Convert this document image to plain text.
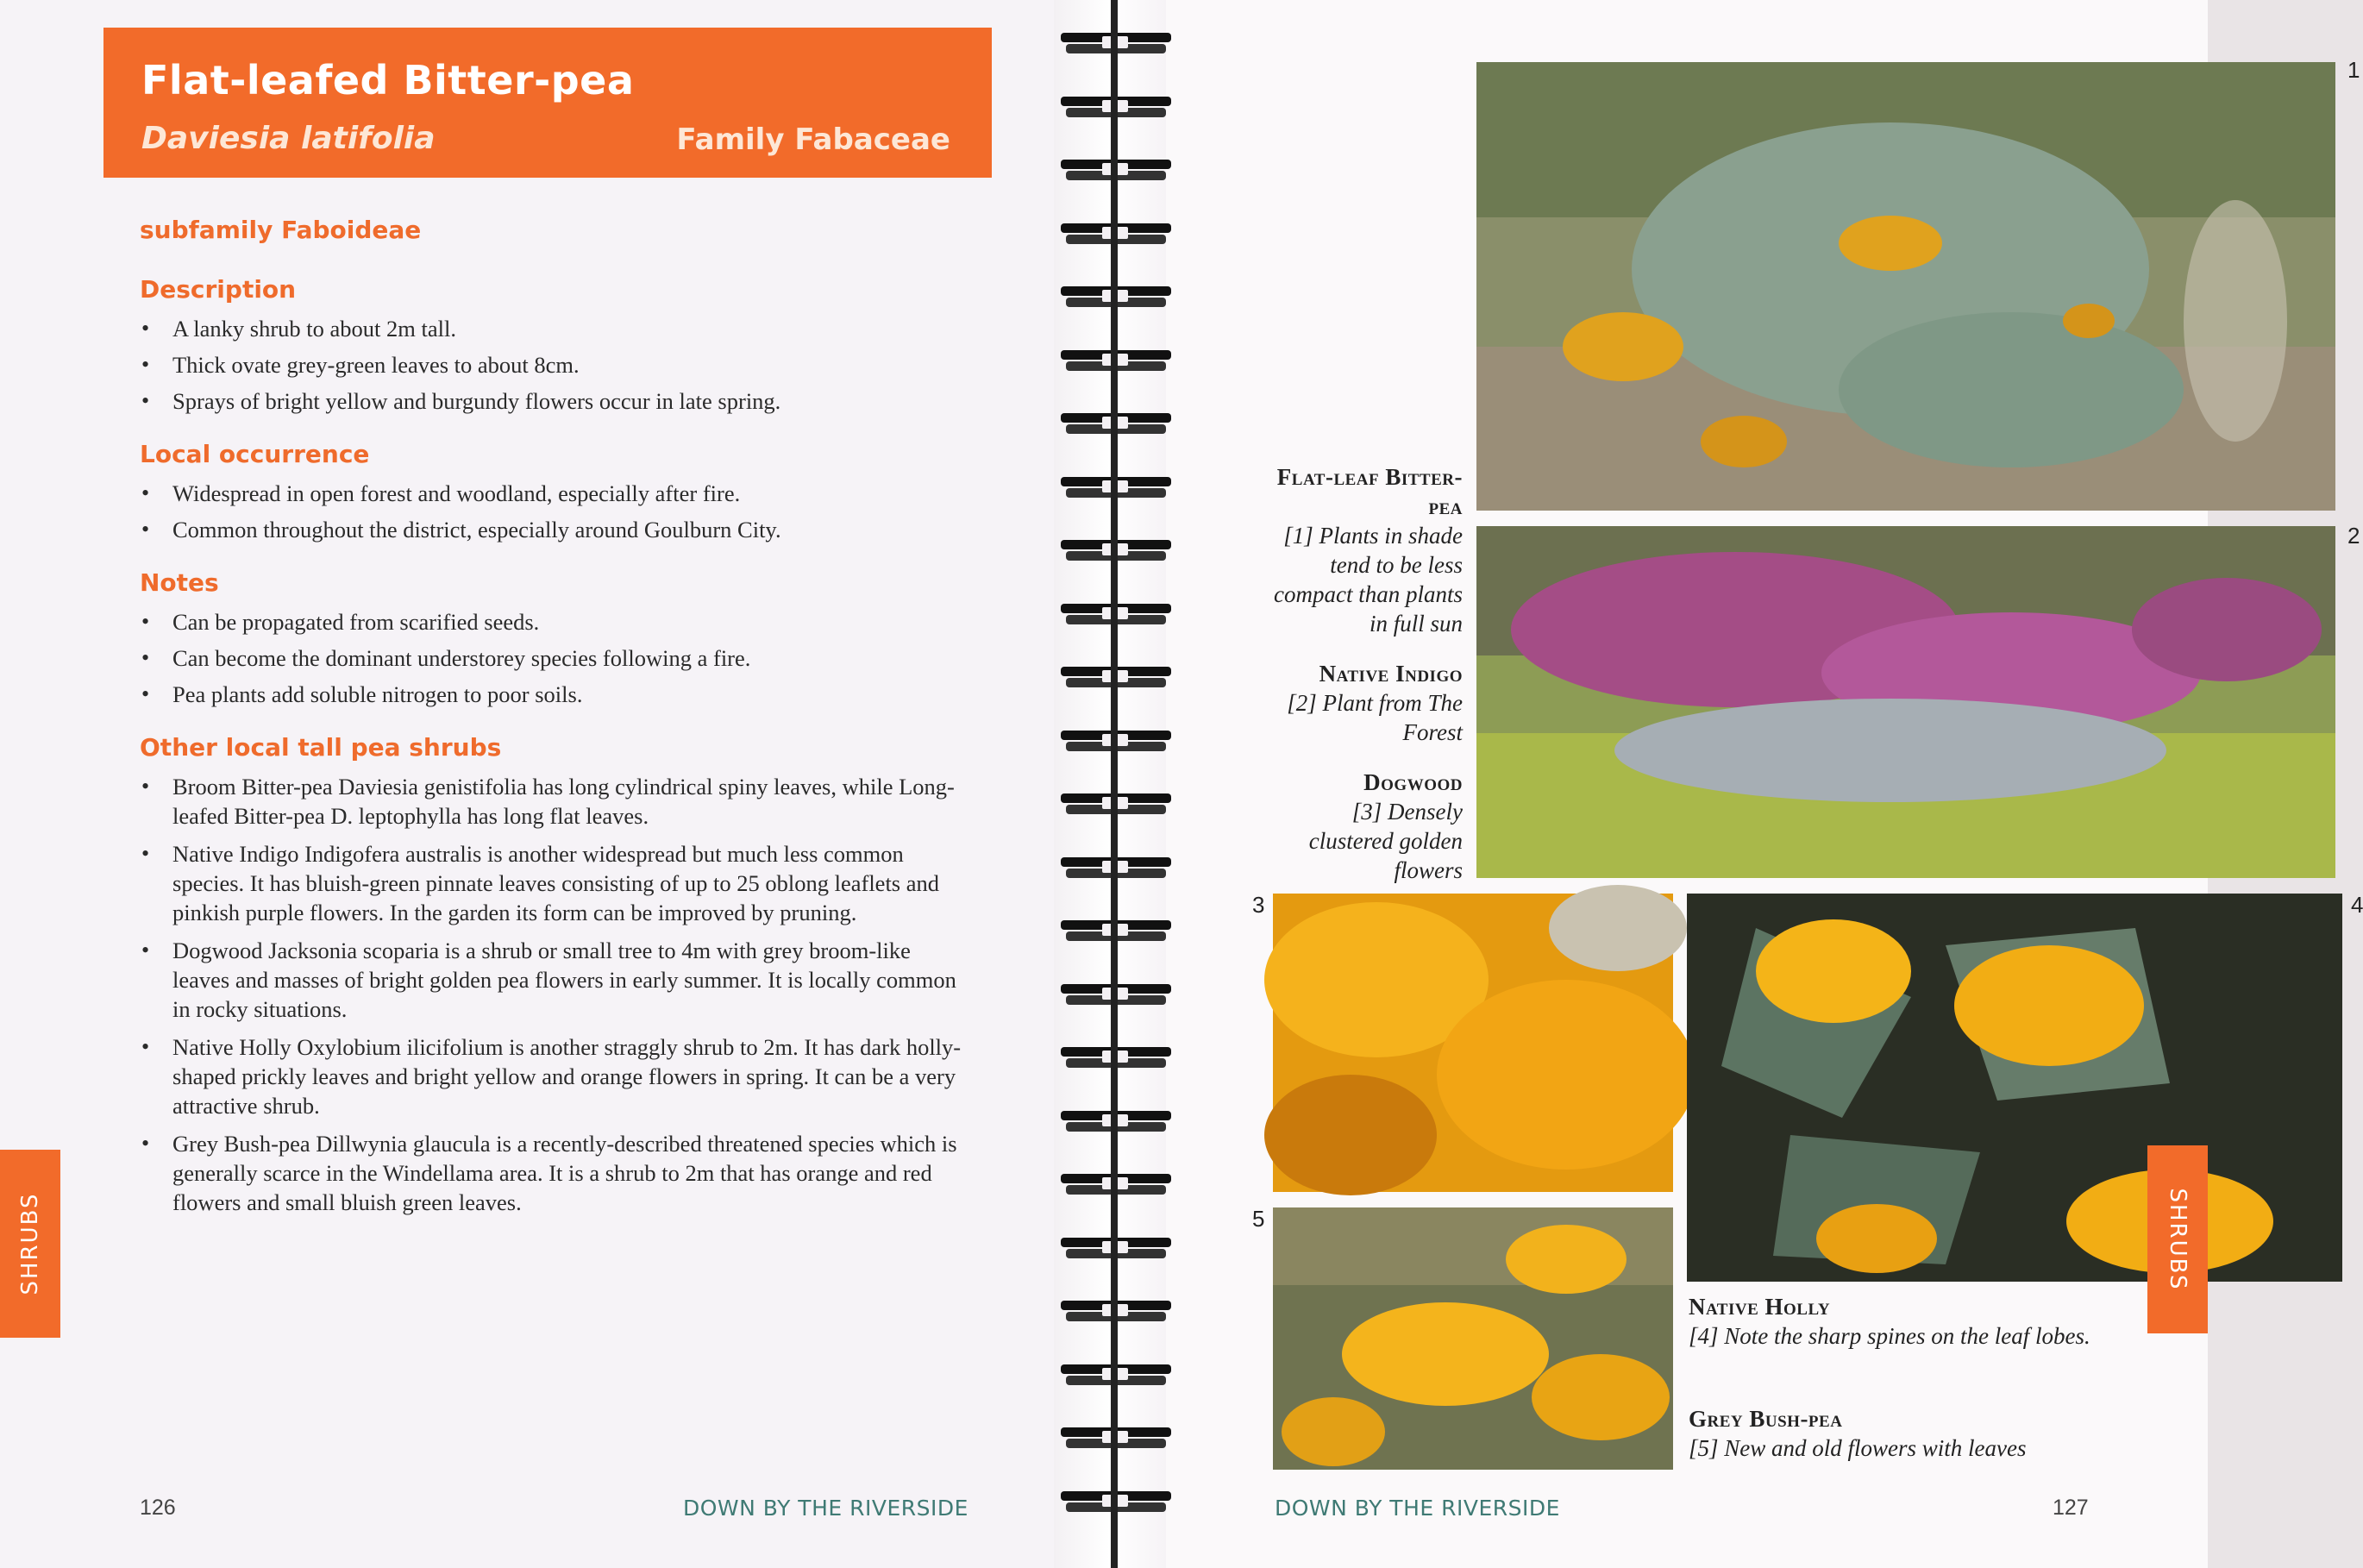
Flat-leafed Bitter-pea
Daviesia latifolia	Family Fabaceae
subfamily Faboideae
Description
• A lanky shrub to about 2m tall.
• Thick ovate grey-green leaves to about 8cm.
• Sprays of bright yellow and burgundy flowers occur in late spring.
Local occurrence
• Widespread in open forest and woodland, especially after fire.
• Common throughout the district, especially around Goulburn City.
Notes
• Can be propagated from scarified seeds.
• Can become the dominant understorey species following a fire.
• Pea plants add soluble nitrogen to poor soils.
Other local tall pea shrubs
• Broom Bitter-pea Daviesia genistifolia has long cylindrical spiny leaves, while Long-leafed Bitter-pea D. leptophylla has long flat leaves.
• Native Indigo Indigofera australis is another widespread but much less common species. It has bluish-green pinnate leaves consisting of up to 25 oblong leaflets and pinkish purple flowers. In the garden its form can be improved by pruning.
• Dogwood Jacksonia scoparia is a shrub or small tree to 4m with grey broom-like leaves and masses of bright golden pea flowers in early summer. It is locally common in rocky situations.
• Native Holly Oxylobium ilicifolium is another straggly shrub to 2m. It has dark holly-shaped prickly leaves and bright yellow and orange flowers in spring. It can be a very attractive shrub.
• Grey Bush-pea Dillwynia glaucula is a recently-described threatened species which is generally scarce in the Windellama area. It is a shrub to 2m that has orange and red flowers and small bluish green leaves.
SHRUBS
126	DOWN BY THE RIVERSIDE
1
2
3	4
5
Flat-leaf Bitter-pea
[1] Plants in shade tend to be less compact than plants in full sun
Native Indigo
[2] Plant from The Forest
Dogwood
[3] Densely clustered golden flowers
Native Holly
[4] Note the sharp spines on the leaf lobes.
Grey Bush-pea
[5] New and old flowers with leaves
DOWN BY THE RIVERSIDE	127
SHRUBS
